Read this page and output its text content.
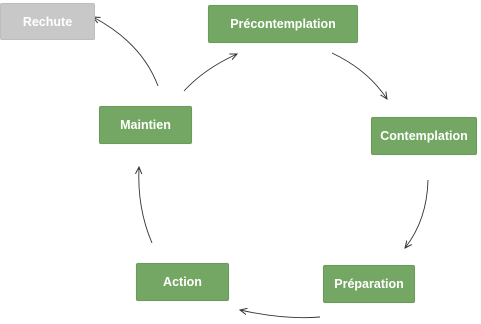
Précontemplation
Contemplation
Préparation
Action
Maintien
Rechute
